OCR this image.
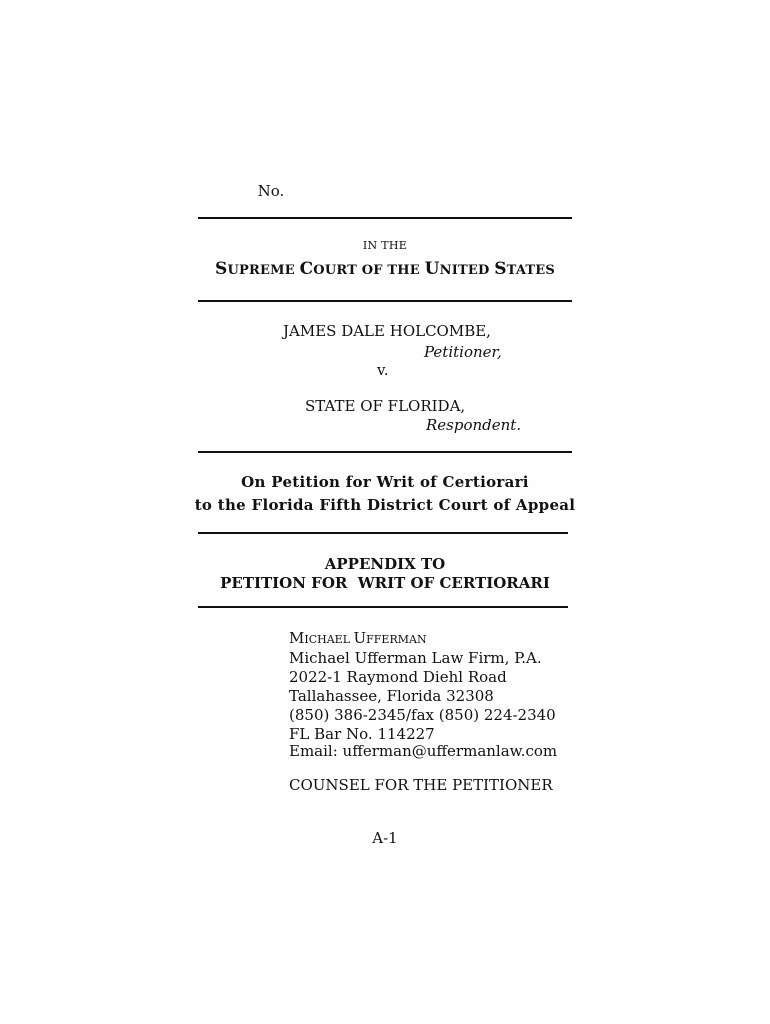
No.
IN THE
SUPREME COURT OF THE UNITED STATES
JAMES DALE HOLCOMBE,
Petitioner,
v.
STATE OF FLORIDA,
Respondent.
On Petition for Writ of Certiorari
to the Florida Fifth District Court of Appeal
APPENDIX TO
PETITION FOR  WRIT OF CERTIORARI
MICHAEL UFFERMAN
Michael Ufferman Law Firm, P.A.
2022-1 Raymond Diehl Road
Tallahassee, Florida 32308
(850) 386-2345/fax (850) 224-2340
FL Bar No. 114227
Email: ufferman@uffermanlaw.com
COUNSEL FOR THE PETITIONER
A-1
